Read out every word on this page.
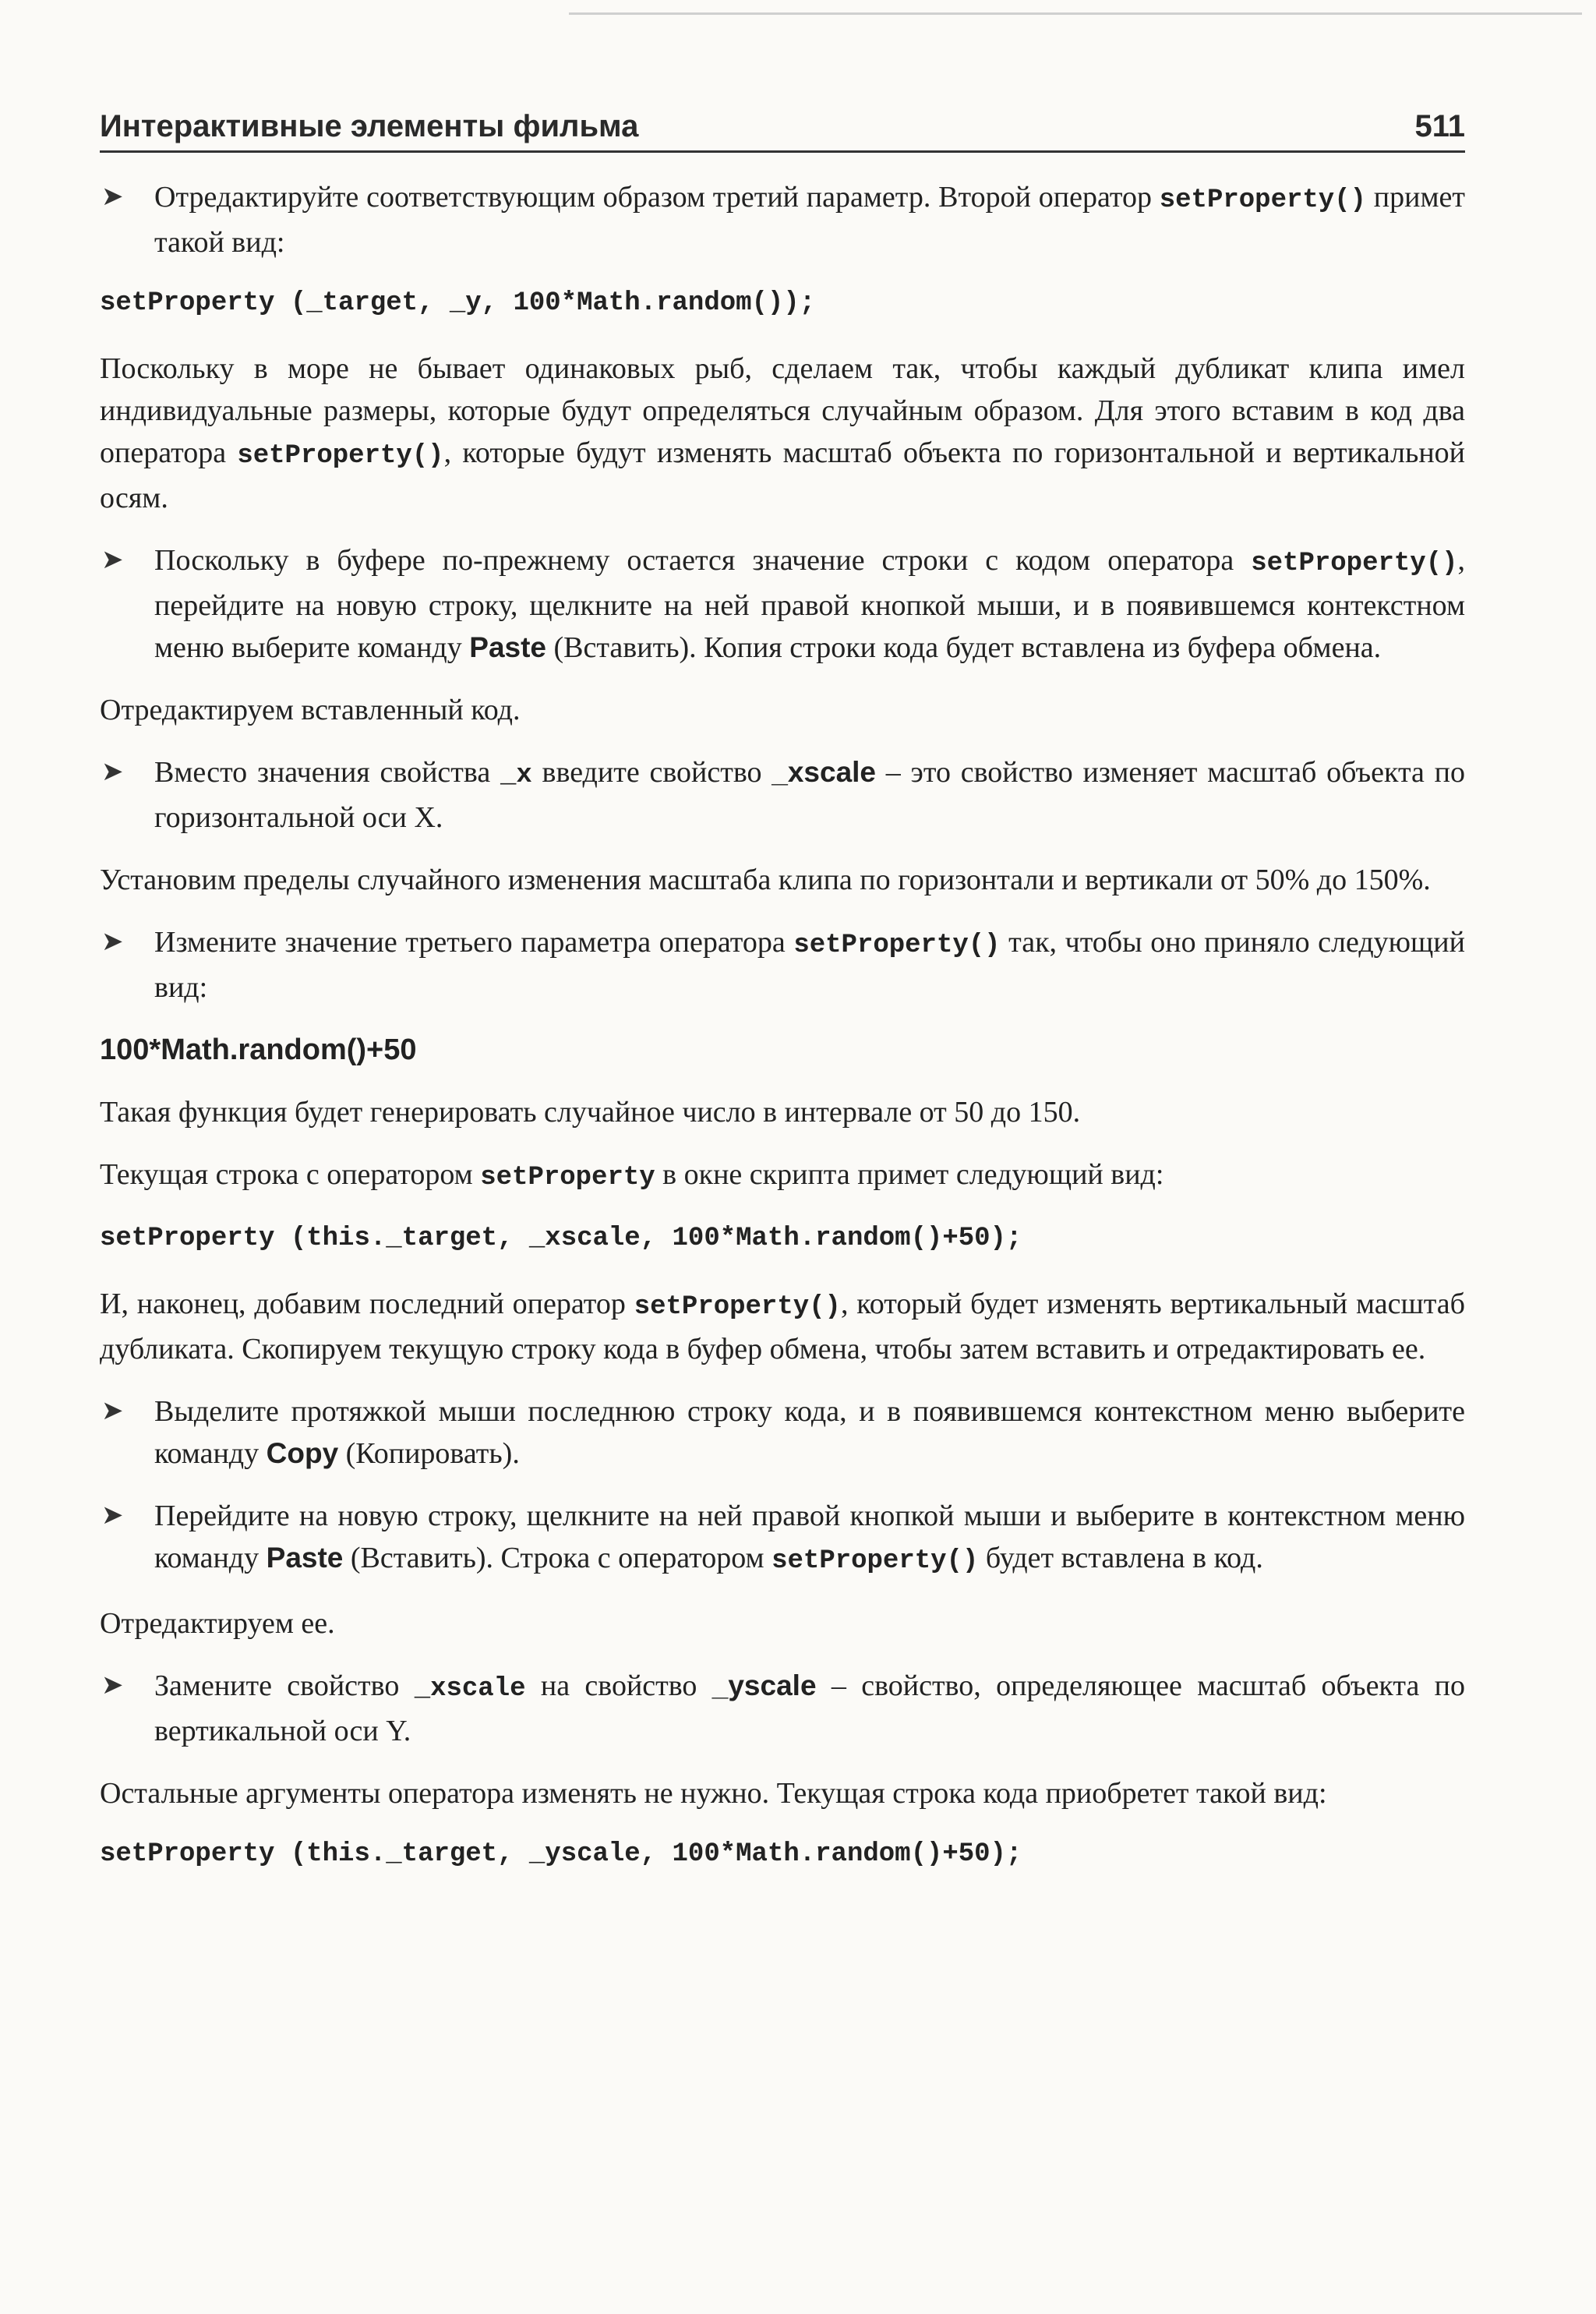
Интерактивные элементы фильма	511
➤	Отредактируйте соответствующим образом третий параметр. Второй оператор setProperty() примет такой вид:
setProperty (_target, _y, 100*Math.random());
Поскольку в море не бывает одинаковых рыб, сделаем так, чтобы каждый дубликат клипа имел индивидуальные размеры, которые будут определяться случайным образом. Для этого вставим в код два оператора setProperty(), которые будут изменять масштаб объекта по горизонтальной и вертикальной осям.
➤	Поскольку в буфере по-прежнему остается значение строки с кодом оператора setProperty(), перейдите на новую строку, щелкните на ней правой кнопкой мыши, и в появившемся контекстном меню выберите команду Paste (Вставить). Копия строки кода будет вставлена из буфера обмена.
Отредактируем вставленный код.
➤	Вместо значения свойства _x введите свойство _xscale – это свойство изменяет масштаб объекта по горизонтальной оси X.
Установим пределы случайного изменения масштаба клипа по горизонтали и вертикали от 50% до 150%.
➤	Измените значение третьего параметра оператора setProperty() так, чтобы оно приняло следующий вид:
100*Math.random()+50
Такая функция будет генерировать случайное число в интервале от 50 до 150.
Текущая строка с оператором setProperty в окне скрипта примет следующий вид:
setProperty (this._target, _xscale, 100*Math.random()+50);
И, наконец, добавим последний оператор setProperty(), который будет изменять вертикальный масштаб дубликата. Скопируем текущую строку кода в буфер обмена, чтобы затем вставить и отредактировать ее.
➤	Выделите протяжкой мыши последнюю строку кода, и в появившемся контекстном меню выберите команду Copy (Копировать).
➤	Перейдите на новую строку, щелкните на ней правой кнопкой мыши и выберите в контекстном меню команду Paste (Вставить). Строка с оператором setProperty() будет вставлена в код.
Отредактируем ее.
➤	Замените свойство _xscale на свойство _yscale – свойство, определяющее масштаб объекта по вертикальной оси Y.
Остальные аргументы оператора изменять не нужно. Текущая строка кода приобретет такой вид:
setProperty (this._target, _yscale, 100*Math.random()+50);
